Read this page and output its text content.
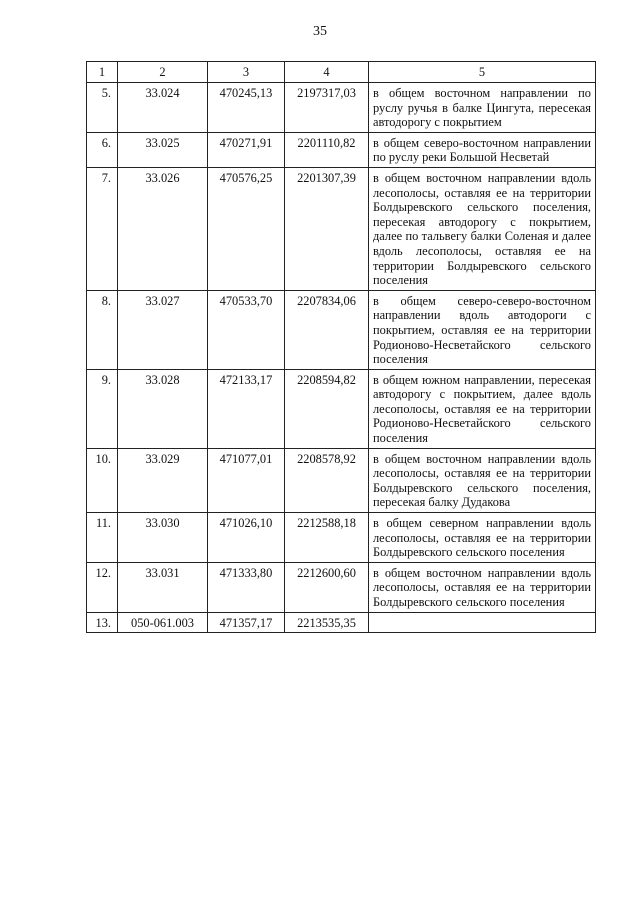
35
1	2	3	4	5
5.	33.024	470245,13	2197317,03	в общем восточном направлении по руслу ручья в балке Цингута, пересекая автодорогу с покрытием
6.	33.025	470271,91	2201110,82	в общем северо-восточном направлении по руслу реки Большой Несветай
7.	33.026	470576,25	2201307,39	в общем восточном направлении вдоль лесополосы, оставляя ее на территории Болдыревского сельского поселения, пересекая автодорогу с покрытием, далее по тальвегу балки Соленая и далее вдоль лесополосы, оставляя ее на территории Болдыревского сельского поселения
8.	33.027	470533,70	2207834,06	в общем северо-северо-восточном направлении вдоль автодороги с покрытием, оставляя ее на территории Родионово-Несветайского сельского поселения
9.	33.028	472133,17	2208594,82	в общем южном направлении, пересекая автодорогу с покрытием, далее вдоль лесополосы, оставляя ее на территории Родионово-Несветайского сельского поселения
10.	33.029	471077,01	2208578,92	в общем восточном направлении вдоль лесополосы, оставляя ее на территории Болдыревского сельского поселения, пересекая балку Дудакова
11.	33.030	471026,10	2212588,18	в общем северном направлении вдоль лесополосы, оставляя ее на территории Болдыревского сельского поселения
12.	33.031	471333,80	2212600,60	в общем восточном направлении вдоль лесополосы, оставляя ее на территории Болдыревского сельского поселения
13.	050-061.003	471357,17	2213535,35	
